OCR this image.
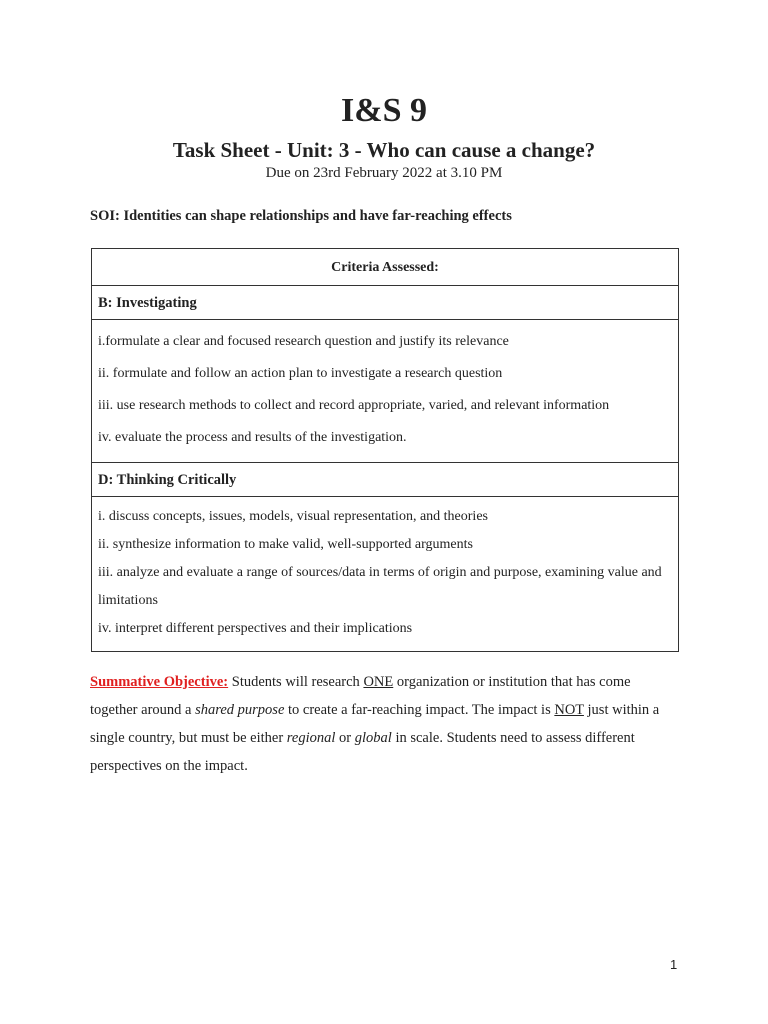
I&S 9
Task Sheet - Unit: 3 - Who can cause a change?
Due on 23rd February 2022 at 3.10 PM
SOI: Identities can shape relationships and have far-reaching effects
Criteria Assessed:
B: Investigating
i.formulate a clear and focused research question and justify its relevance
ii. formulate and follow an action plan to investigate a research question
iii. use research methods to collect and record appropriate, varied, and relevant information
iv. evaluate the process and results of the investigation.
D: Thinking Critically
i. discuss concepts, issues, models, visual representation, and theories
ii. synthesize information to make valid, well-supported arguments
iii. analyze and evaluate a range of sources/data in terms of origin and purpose, examining value and limitations
iv. interpret different perspectives and their implications
Summative Objective: Students will research ONE organization or institution that has come together around a shared purpose to create a far-reaching impact. The impact is NOT just within a single country, but must be either regional or global in scale. Students need to assess different perspectives on the impact.
1
